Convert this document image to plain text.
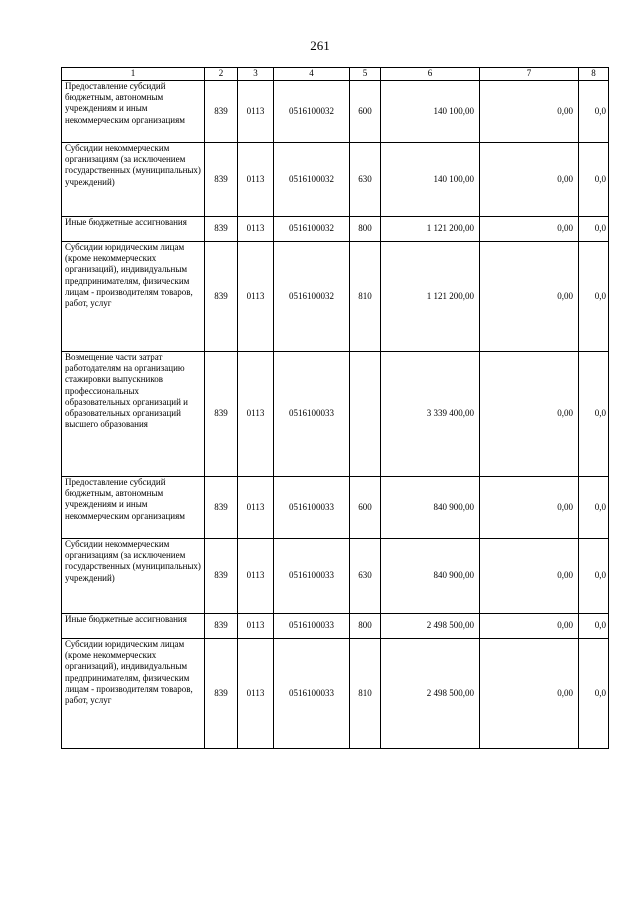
261
1	2	3	4	5	6	7	8
Предоставление субсидий бюджетным, автономным учреждениям и иным некоммерческим организациям	839	0113	0516100032	600	140 100,00	0,00	0,0
Субсидии некоммерческим организациям (за исключением государственных (муниципальных) учреждений)	839	0113	0516100032	630	140 100,00	0,00	0,0
Иные бюджетные ассигнования	839	0113	0516100032	800	1 121 200,00	0,00	0,0
Субсидии юридическим лицам (кроме некоммерческих организаций), индивидуальным предпринимателям, физическим лицам - производителям товаров, работ, услуг	839	0113	0516100032	810	1 121 200,00	0,00	0,0
Возмещение части затрат работодателям на организацию стажировки выпускников профессиональных образовательных организаций и образовательных организаций высшего образования	839	0113	0516100033		3 339 400,00	0,00	0,0
Предоставление субсидий бюджетным, автономным учреждениям и иным некоммерческим организациям	839	0113	0516100033	600	840 900,00	0,00	0,0
Субсидии некоммерческим организациям (за исключением государственных (муниципальных) учреждений)	839	0113	0516100033	630	840 900,00	0,00	0,0
Иные бюджетные ассигнования	839	0113	0516100033	800	2 498 500,00	0,00	0,0
Субсидии юридическим лицам (кроме некоммерческих организаций), индивидуальным предпринимателям, физическим лицам - производителям товаров, работ, услуг	839	0113	0516100033	810	2 498 500,00	0,00	0,0
